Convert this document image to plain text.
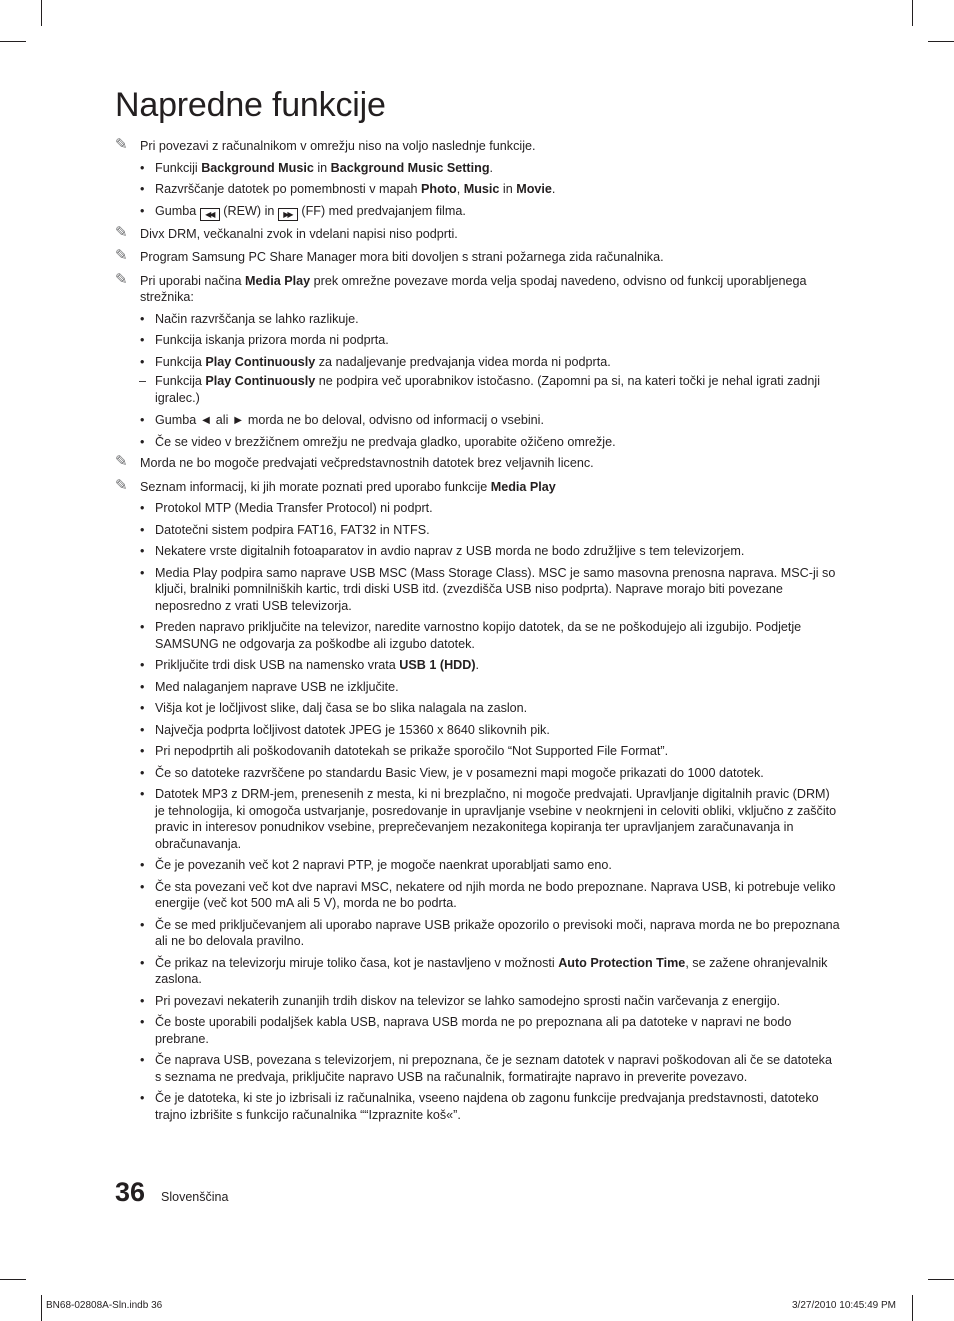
Napredne funkcije
✎ Pri povezavi z računalnikom v omrežju niso na voljo naslednje funkcije.
• Funkciji Background Music in Background Music Setting.
• Razvrščanje datotek po pomembnosti v mapah Photo, Music in Movie.
• Gumba ◀◀ (REW) in ▶▶ (FF) med predvajanjem filma.
✎ Divx DRM, večkanalni zvok in vdelani napisi niso podprti.
✎ Program Samsung PC Share Manager mora biti dovoljen s strani požarnega zida računalnika.
✎ Pri uporabi načina Media Play prek omrežne povezave morda velja spodaj navedeno, odvisno od funkcij uporabljenega strežnika:
• Način razvrščanja se lahko razlikuje.
• Funkcija iskanja prizora morda ni podprta.
• Funkcija Play Continuously za nadaljevanje predvajanja videa morda ni podprta.
– Funkcija Play Continuously ne podpira več uporabnikov istočasno. (Zapomni pa si, na kateri točki je nehal igrati zadnji igralec.)
• Gumba ◄ ali ► morda ne bo deloval, odvisno od informacij o vsebini.
• Če se video v brezžičnem omrežju ne predvaja gladko, uporabite ožičeno omrežje.
✎ Morda ne bo mogoče predvajati večpredstavnostnih datotek brez veljavnih licenc.
✎ Seznam informacij, ki jih morate poznati pred uporabo funkcije Media Play
• Protokol MTP (Media Transfer Protocol) ni podprt.
• Datotečni sistem podpira FAT16, FAT32 in NTFS.
• Nekatere vrste digitalnih fotoaparatov in avdio naprav z USB morda ne bodo združljive s tem televizorjem.
• Media Play podpira samo naprave USB MSC (Mass Storage Class). MSC je samo masovna prenosna naprava. MSC-ji so ključi, bralniki pomnilniških kartic, trdi diski USB itd. (zvezdišča USB niso podprta). Naprave morajo biti povezane neposredno z vrati USB televizorja.
• Preden napravo priključite na televizor, naredite varnostno kopijo datotek, da se ne poškodujejo ali izgubijo. Podjetje SAMSUNG ne odgovarja za poškodbe ali izgubo datotek.
• Priključite trdi disk USB na namensko vrata USB 1 (HDD).
• Med nalaganjem naprave USB ne izključite.
• Višja kot je ločljivost slike, dalj časa se bo slika nalagala na zaslon.
• Največja podprta ločljivost datotek JPEG je 15360 x 8640 slikovnih pik.
• Pri nepodprtih ali poškodovanih datotekah se prikaže sporočilo “Not Supported File Format”.
• Če so datoteke razvrščene po standardu Basic View, je v posamezni mapi mogoče prikazati do 1000 datotek.
• Datotek MP3 z DRM-jem, prenesenih z mesta, ki ni brezplačno, ni mogoče predvajati. Upravljanje digitalnih pravic (DRM) je tehnologija, ki omogoča ustvarjanje, posredovanje in upravljanje vsebine v neokrnjeni in celoviti obliki, vključno z zaščito pravic in interesov ponudnikov vsebine, preprečevanjem nezakonitega kopiranja ter upravljanjem zaračunavanja in obračunavanja.
• Če je povezanih več kot 2 napravi PTP, je mogoče naenkrat uporabljati samo eno.
• Če sta povezani več kot dve napravi MSC, nekatere od njih morda ne bodo prepoznane. Naprava USB, ki potrebuje veliko energije (več kot 500 mA ali 5 V), morda ne bo podrta.
• Če se med priključevanjem ali uporabo naprave USB prikaže opozorilo o previsoki moči, naprava morda ne bo prepoznana ali ne bo delovala pravilno.
• Če prikaz na televizorju miruje toliko časa, kot je nastavljeno v možnosti Auto Protection Time, se zažene ohranjevalnik zaslona.
• Pri povezavi nekaterih zunanjih trdih diskov na televizor se lahko samodejno sprosti način varčevanja z energijo.
• Če boste uporabili podaljšek kabla USB, naprava USB morda ne po prepoznana ali pa datoteke v napravi ne bodo prebrane.
• Če naprava USB, povezana s televizorjem, ni prepoznana, če je seznam datotek v napravi poškodovan ali če se datoteka s seznama ne predvaja, priključite napravo USB na računalnik, formatirajte napravo in preverite povezavo.
• Če je datoteka, ki ste jo izbrisali iz računalnika, vseeno najdena ob zagonu funkcije predvajanja predstavnosti, datoteko trajno izbrišite s funkcijo računalnika ““Izpraznite koš«”.
36 Slovenščina
BN68-02808A-Sln.indb 36	3/27/2010 10:45:49 PM
